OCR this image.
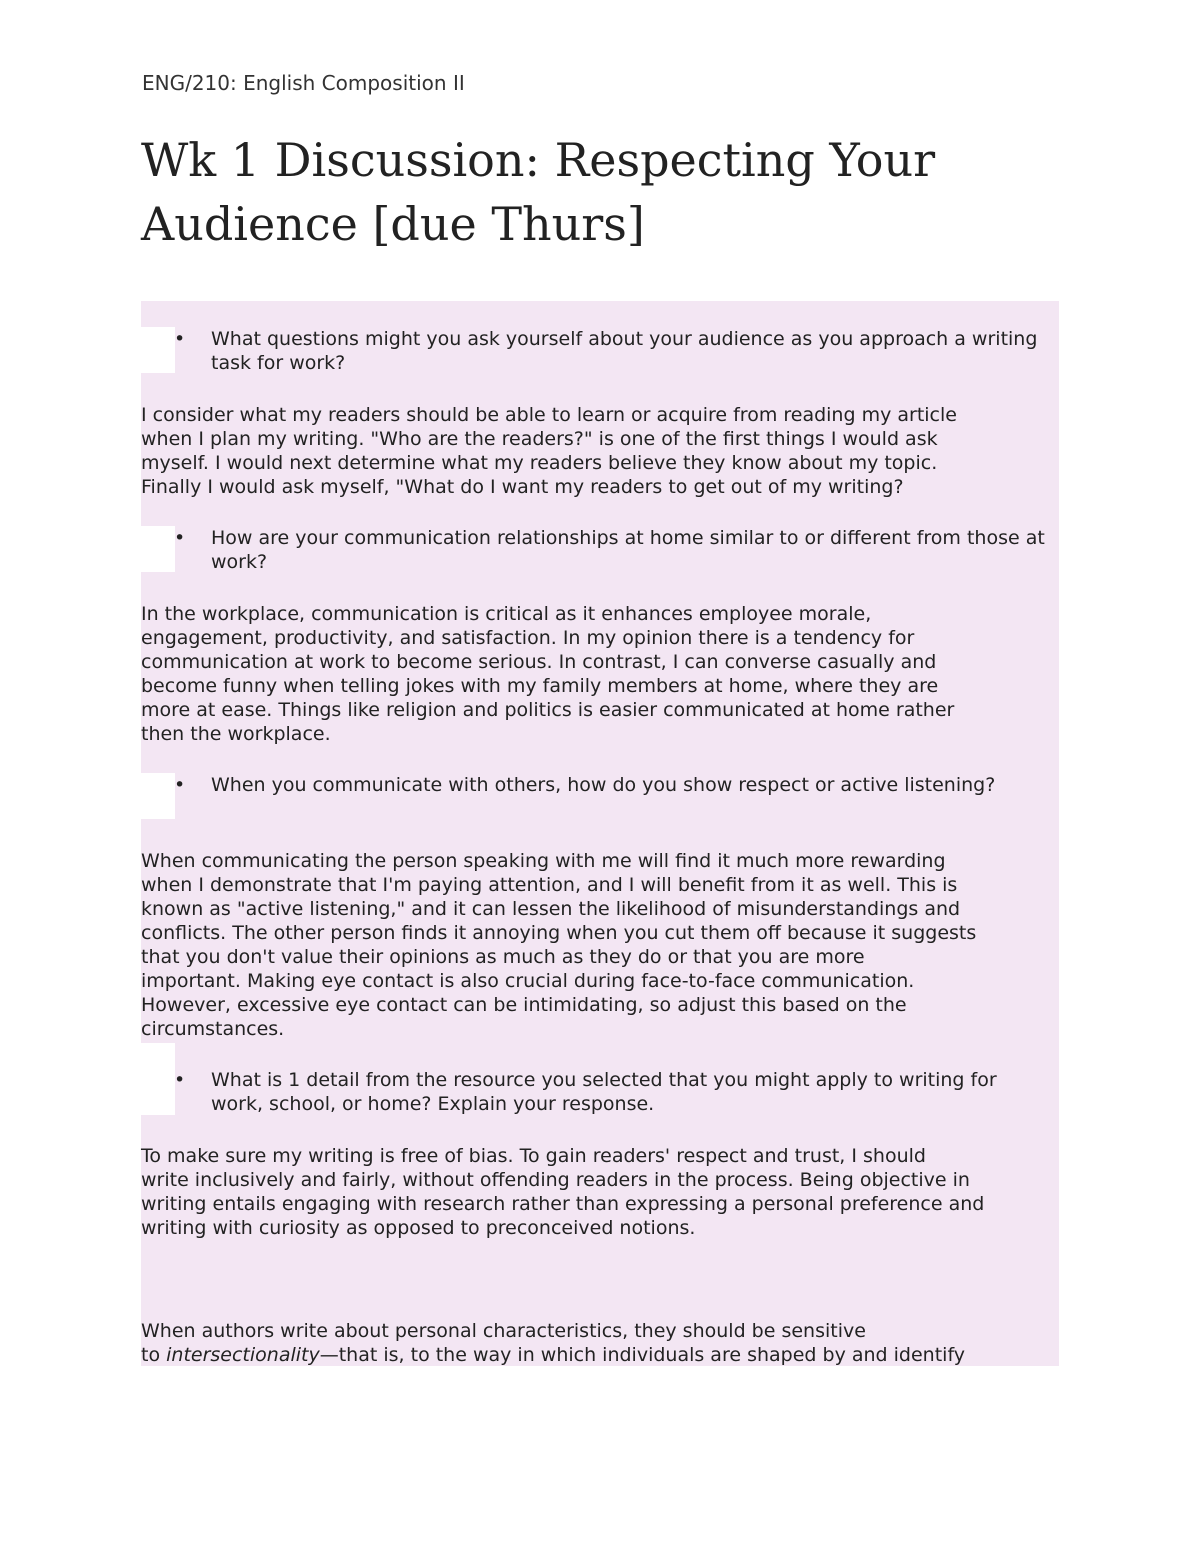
ENG/210: English Composition II
Wk 1 Discussion: Respecting Your Audience [due Thurs]
• What questions might you ask yourself about your audience as you approach a writing task for work?
I consider what my readers should be able to learn or acquire from reading my article
when I plan my writing. "Who are the readers?" is one of the first things I would ask
myself. I would next determine what my readers believe they know about my topic.
Finally I would ask myself, "What do I want my readers to get out of my writing?
• How are your communication relationships at home similar to or different from those at work?
In the workplace, communication is critical as it enhances employee morale,
engagement, productivity, and satisfaction. In my opinion there is a tendency for
communication at work to become serious. In contrast, I can converse casually and
become funny when telling jokes with my family members at home, where they are
more at ease. Things like religion and politics is easier communicated at home rather
then the workplace.
• When you communicate with others, how do you show respect or active listening?
When communicating the person speaking with me will find it much more rewarding
when I demonstrate that I'm paying attention, and I will benefit from it as well. This is
known as "active listening," and it can lessen the likelihood of misunderstandings and
conflicts. The other person finds it annoying when you cut them off because it suggests
that you don't value their opinions as much as they do or that you are more
important. Making eye contact is also crucial during face-to-face communication.
However, excessive eye contact can be intimidating, so adjust this based on the
circumstances.
• What is 1 detail from the resource you selected that you might apply to writing for work, school, or home? Explain your response.
To make sure my writing is free of bias. To gain readers' respect and trust, I should
write inclusively and fairly, without offending readers in the process. Being objective in
writing entails engaging with research rather than expressing a personal preference and
writing with curiosity as opposed to preconceived notions.
When authors write about personal characteristics, they should be sensitive
to intersectionality—that is, to the way in which individuals are shaped by and identify
